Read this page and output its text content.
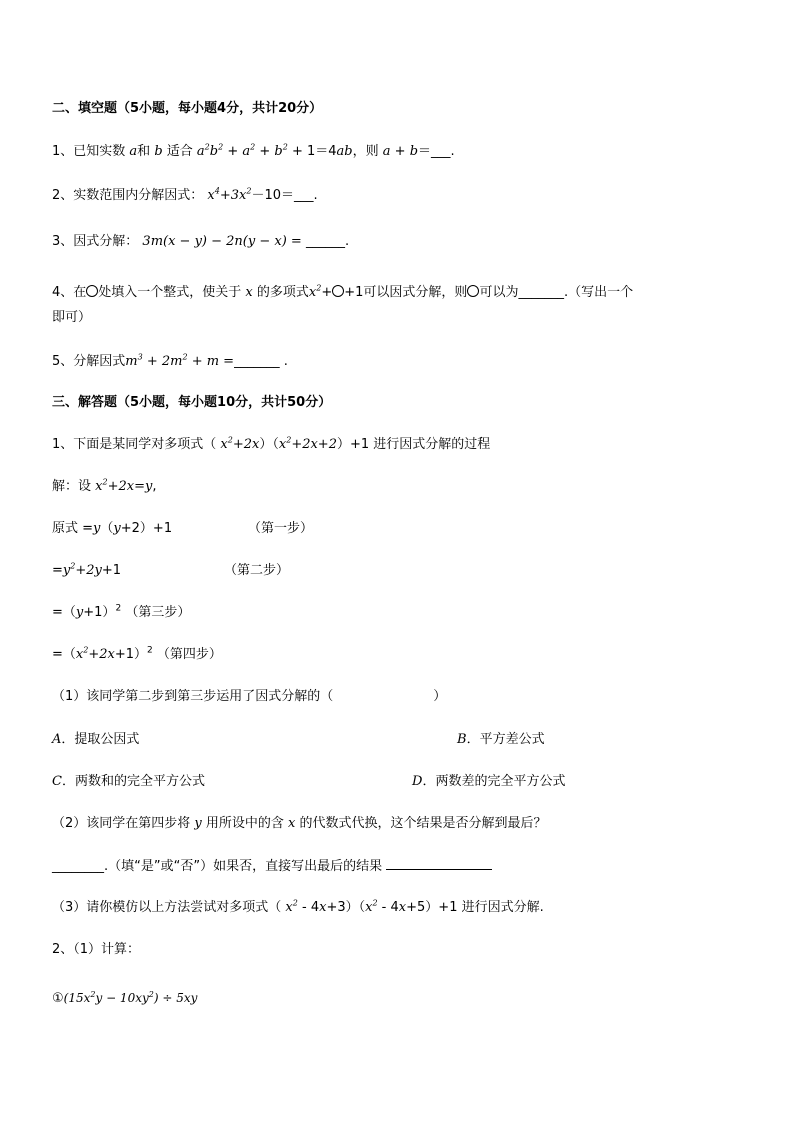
二、填空题（5小题，每小题4分，共计20分）
1、已知实数 a和 b 适合 $a^2b^2 + a^2 + b^2 + 1=4ab$，则 a + b＝___.
2、实数范围内分解因式： $x^4+3x^2-10=\_\_\_$.
3、因式分解： 3m(x − y) − 2n(y − x) = ______.
4、在 处填入一个整式，使关于 x 的多项式$x^2+ +1$可以因式分解，则 可以为_______.（写出一个
即可）
5、分解因式$m^3 + 2m^2 + m$ =_______ .
三、解答题（5小题，每小题10分，共计50分）
1、下面是某同学对多项式（ $x^2+2x)(x^2+2x+2)+1$ 进行因式分解的过程
解：设 $x^2+2x=y$,
原式 =y（y+2）+1	（第一步）
$=y^2+2y+1$	（第二步）
$=(y+1)^2$ （第三步）
$=(x^2+2x+1)^2$ （第四步）
（1）该同学第二步到第三步运用了因式分解的（	）
A．提取公因式	B．平方差公式
C．两数和的完全平方公式	D．两数差的完全平方公式
（2）该同学在第四步将 y 用所设中的含 x 的代数式代换，这个结果是否分解到最后？
________.（填“是”或“否”）如果否，直接写出最后的结果
（3）请你模仿以上方法尝试对多项式（ $x^2 - 4x+3)(x^2 - 4x+5)+1$ 进行因式分解.
2、（1）计算：
$①(15x^2y - 10xy^2) \div 5xy$
